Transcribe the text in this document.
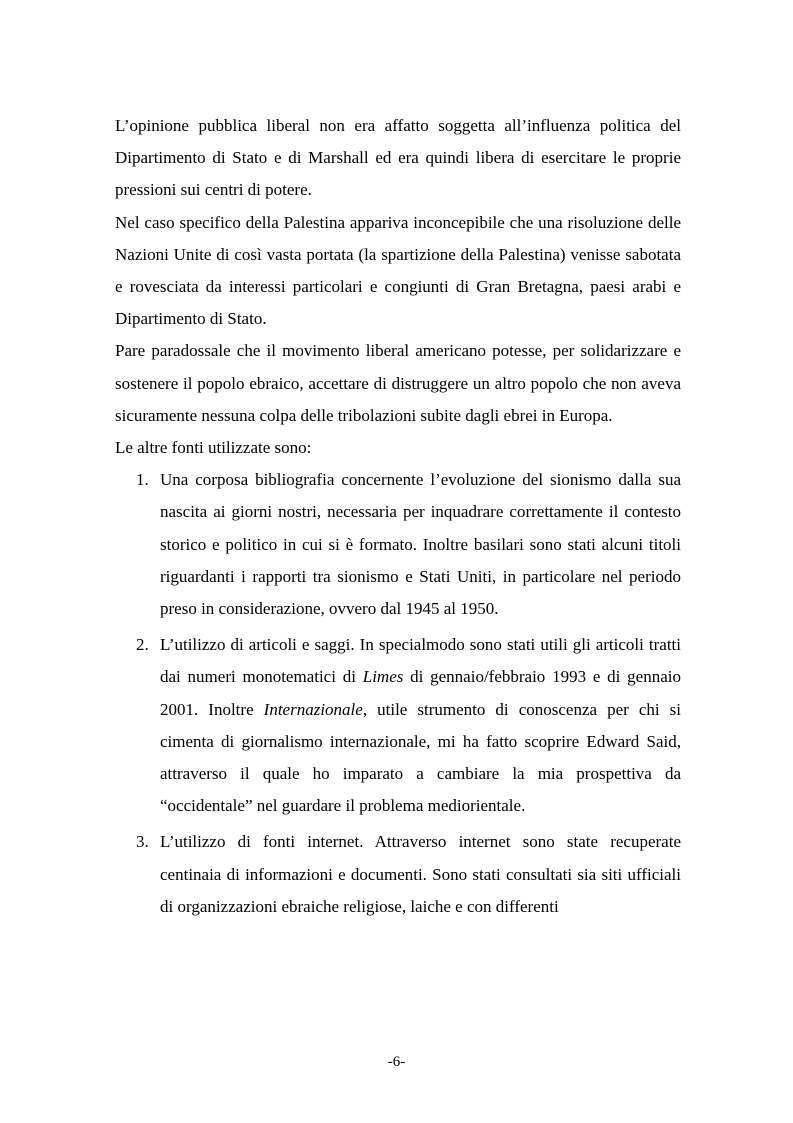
L’opinione pubblica liberal non era affatto soggetta all’influenza politica del Dipartimento di Stato e di Marshall ed era quindi libera di esercitare le proprie pressioni sui centri di potere.

Nel caso specifico della Palestina appariva inconcepibile che una risoluzione delle Nazioni Unite di così vasta portata (la spartizione della Palestina) venisse sabotata e rovesciata da interessi particolari e congiunti di Gran Bretagna, paesi arabi e Dipartimento di Stato.

Pare paradossale che il movimento liberal americano potesse, per solidarizzare e sostenere il popolo ebraico, accettare di distruggere un altro popolo che non aveva sicuramente nessuna colpa delle tribolazioni subite dagli ebrei in Europa.

Le altre fonti utilizzate sono:

1. Una corposa bibliografia concernente l’evoluzione del sionismo dalla sua nascita ai giorni nostri, necessaria per inquadrare correttamente il contesto storico e politico in cui si è formato. Inoltre basilari sono stati alcuni titoli riguardanti i rapporti tra sionismo e Stati Uniti, in particolare nel periodo preso in considerazione, ovvero dal 1945 al 1950.
2. L’utilizzo di articoli e saggi. In specialmodo sono stati utili gli articoli tratti dai numeri monotematici di Limes di gennaio/febbraio 1993 e di gennaio 2001. Inoltre Internazionale, utile strumento di conoscenza per chi si cimenta di giornalismo internazionale, mi ha fatto scoprire Edward Said, attraverso il quale ho imparato a cambiare la mia prospettiva da “occidentale” nel guardare il problema mediorientale.
3. L’utilizzo di fonti internet. Attraverso internet sono state recuperate centinaia di informazioni e documenti. Sono stati consultati sia siti ufficiali di organizzazioni ebraiche religiose, laiche e con differenti
-6-
